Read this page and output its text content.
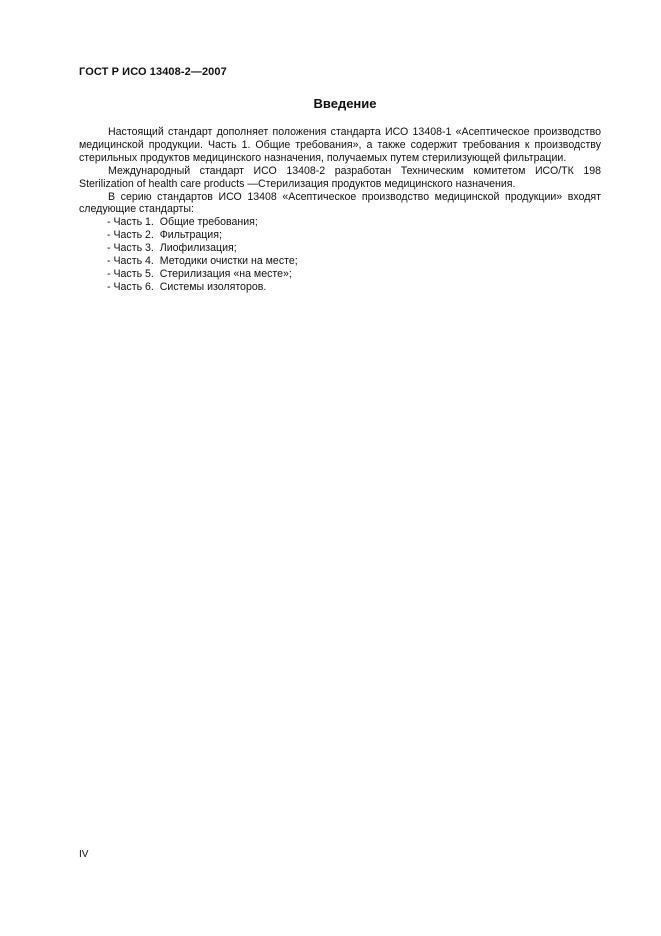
ГОСТ Р ИСО 13408-2—2007
Введение

Настоящий стандарт дополняет положения стандарта ИСО 13408-1 «Асептическое производство медицинской продукции. Часть 1. Общие требования», а также содержит требования к производству стерильных продуктов медицинского назначения, получаемых путем стерилизующей фильтрации.

Международный стандарт ИСО 13408-2 разработан Техническим комитетом ИСО/ТК 198 Sterilization of health care products —Стерилизация продуктов медицинского назначения.

В серию стандартов ИСО 13408 «Асептическое производство медицинской продукции» входят следующие стандарты:

- Часть 1.  Общие требования;
- Часть 2.  Фильтрация;
- Часть 3.  Лиофилизация;
- Часть 4.  Методики очистки на месте;
- Часть 5.  Стерилизация «на месте»;
- Часть 6.  Системы изоляторов.
IV
